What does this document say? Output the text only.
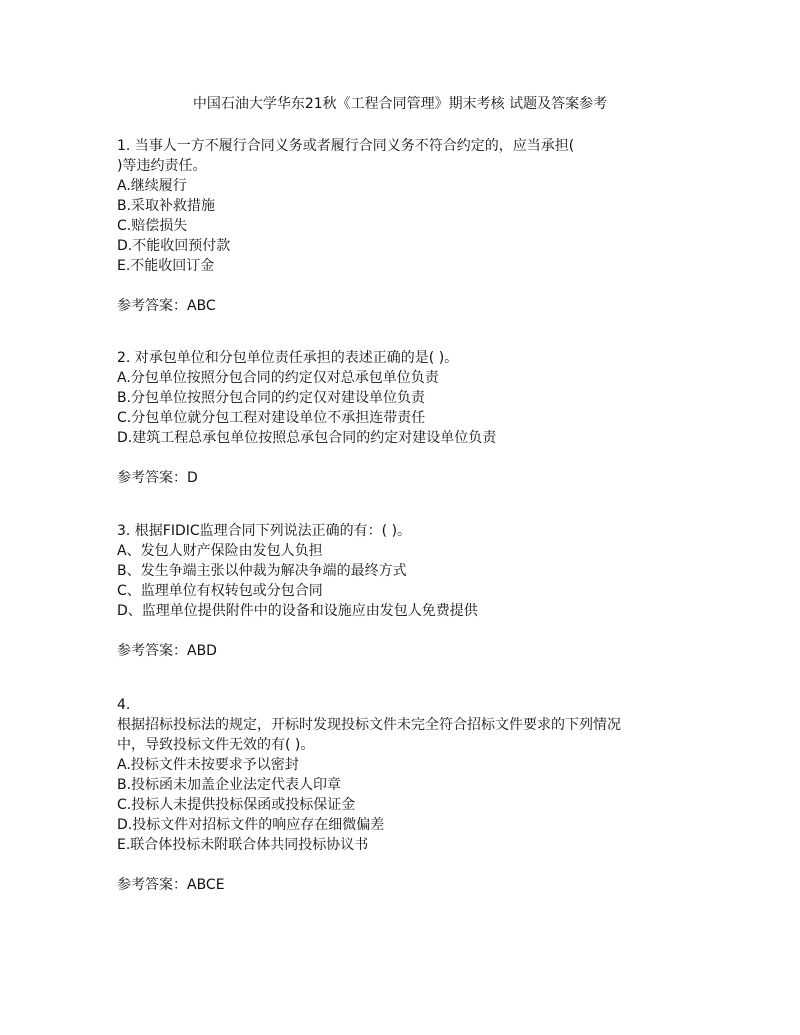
中国石油大学华东21秋《工程合同管理》期末考核 试题及答案参考
1. 当事人一方不履行合同义务或者履行合同义务不符合约定的，应当承担(
)等违约责任。
A.继续履行
B.采取补救措施
C.赔偿损失
D.不能收回预付款
E.不能收回订金
参考答案：ABC
2. 对承包单位和分包单位责任承担的表述正确的是( )。
A.分包单位按照分包合同的约定仅对总承包单位负责
B.分包单位按照分包合同的约定仅对建设单位负责
C.分包单位就分包工程对建设单位不承担连带责任
D.建筑工程总承包单位按照总承包合同的约定对建设单位负责
参考答案：D
3. 根据FIDIC监理合同下列说法正确的有：( )。
A、发包人财产保险由发包人负担
B、发生争端主张以仲裁为解决争端的最终方式
C、监理单位有权转包或分包合同
D、监理单位提供附件中的设备和设施应由发包人免费提供
参考答案：ABD
4.
根据招标投标法的规定，开标时发现投标文件未完全符合招标文件要求的下列情况
中，导致投标文件无效的有( )。
A.投标文件未按要求予以密封
B.投标函未加盖企业法定代表人印章
C.投标人未提供投标保函或投标保证金
D.投标文件对招标文件的响应存在细微偏差
E.联合体投标未附联合体共同投标协议书
参考答案：ABCE
